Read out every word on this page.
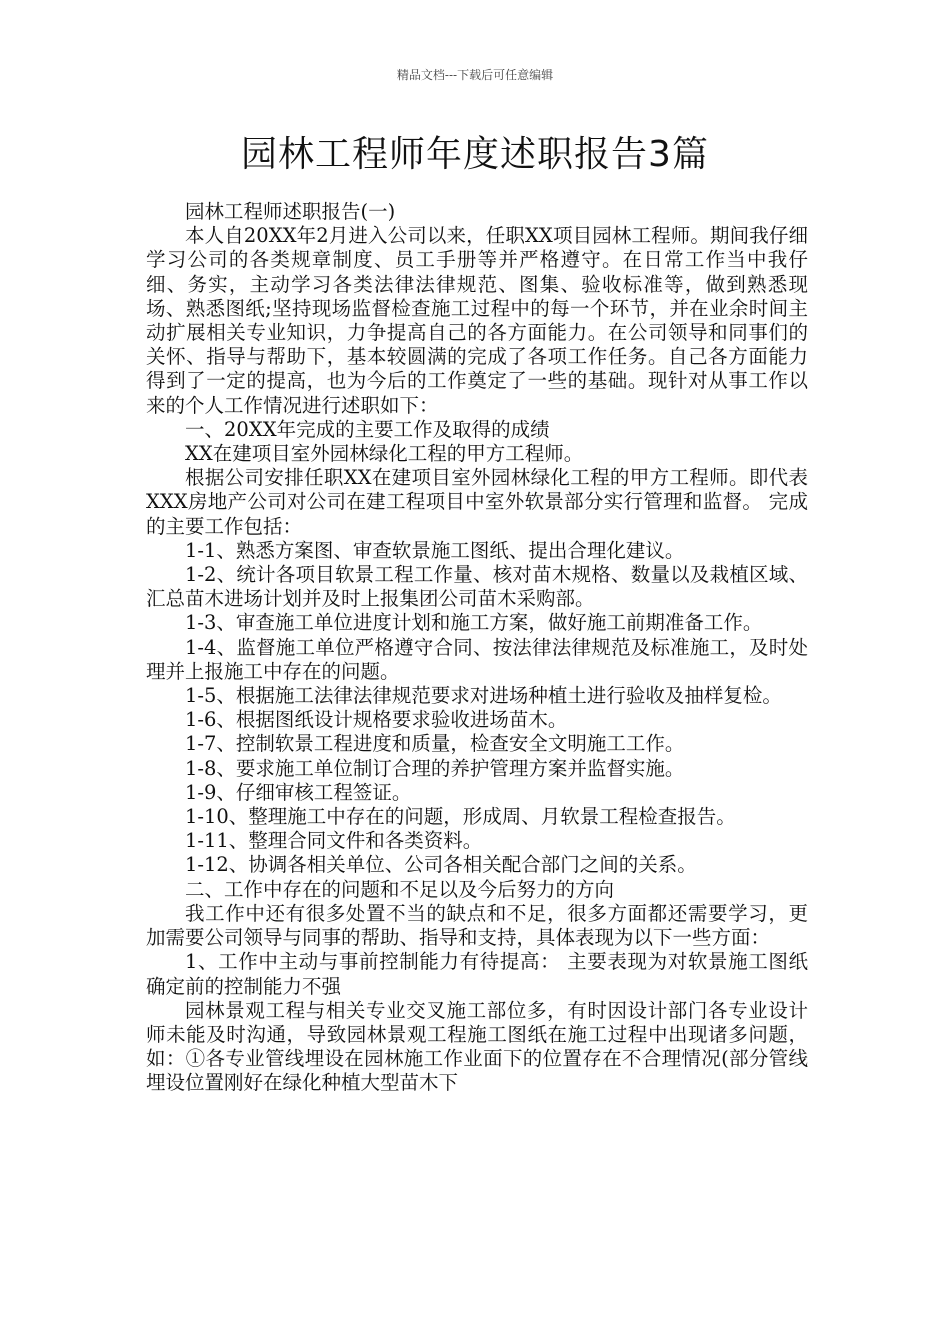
精品文档---下载后可任意编辑
园林工程师年度述职报告3篇

园林工程师述职报告(一)

本人自20XX年2月进入公司以来，任职XX项目园林工程师。期间我仔细学习公司的各类规章制度、员工手册等并严格遵守。在日常工作当中我仔细、务实，主动学习各类法律法律规范、图集、验收标准等，做到熟悉现场、熟悉图纸;坚持现场监督检查施工过程中的每一个环节，并在业余时间主动扩展相关专业知识，力争提高自己的各方面能力。在公司领导和同事们的关怀、指导与帮助下，基本较圆满的完成了各项工作任务。自己各方面能力得到了一定的提高，也为今后的工作奠定了一些的基础。现针对从事工作以来的个人工作情况进行述职如下：

一、20XX年完成的主要工作及取得的成绩

XX在建项目室外园林绿化工程的甲方工程师。

根据公司安排任职XX在建项目室外园林绿化工程的甲方工程师。即代表XXX房地产公司对公司在建工程项目中室外软景部分实行管理和监督。 完成的主要工作包括：

1-1、熟悉方案图、审查软景施工图纸、提出合理化建议。

1-2、统计各项目软景工程工作量、核对苗木规格、数量以及栽植区域、汇总苗木进场计划并及时上报集团公司苗木采购部。

1-3、审查施工单位进度计划和施工方案，做好施工前期准备工作。

1-4、监督施工单位严格遵守合同、按法律法律规范及标准施工，及时处理并上报施工中存在的问题。

1-5、根据施工法律法律规范要求对进场种植土进行验收及抽样复检。

1-6、根据图纸设计规格要求验收进场苗木。

1-7、控制软景工程进度和质量，检查安全文明施工工作。

1-8、要求施工单位制订合理的养护管理方案并监督实施。

1-9、仔细审核工程签证。

1-10、整理施工中存在的问题，形成周、月软景工程检查报告。

1-11、整理合同文件和各类资料。

1-12、协调各相关单位、公司各相关配合部门之间的关系。

二、工作中存在的问题和不足以及今后努力的方向

我工作中还有很多处置不当的缺点和不足，很多方面都还需要学习，更加需要公司领导与同事的帮助、指导和支持，具体表现为以下一些方面：

1、工作中主动与事前控制能力有待提高： 主要表现为对软景施工图纸确定前的控制能力不强

园林景观工程与相关专业交叉施工部位多，有时因设计部门各专业设计师未能及时沟通，导致园林景观工程施工图纸在施工过程中出现诸多问题，如：①各专业管线埋设在园林施工作业面下的位置存在不合理情况(部分管线埋设位置刚好在绿化种植大型苗木下
